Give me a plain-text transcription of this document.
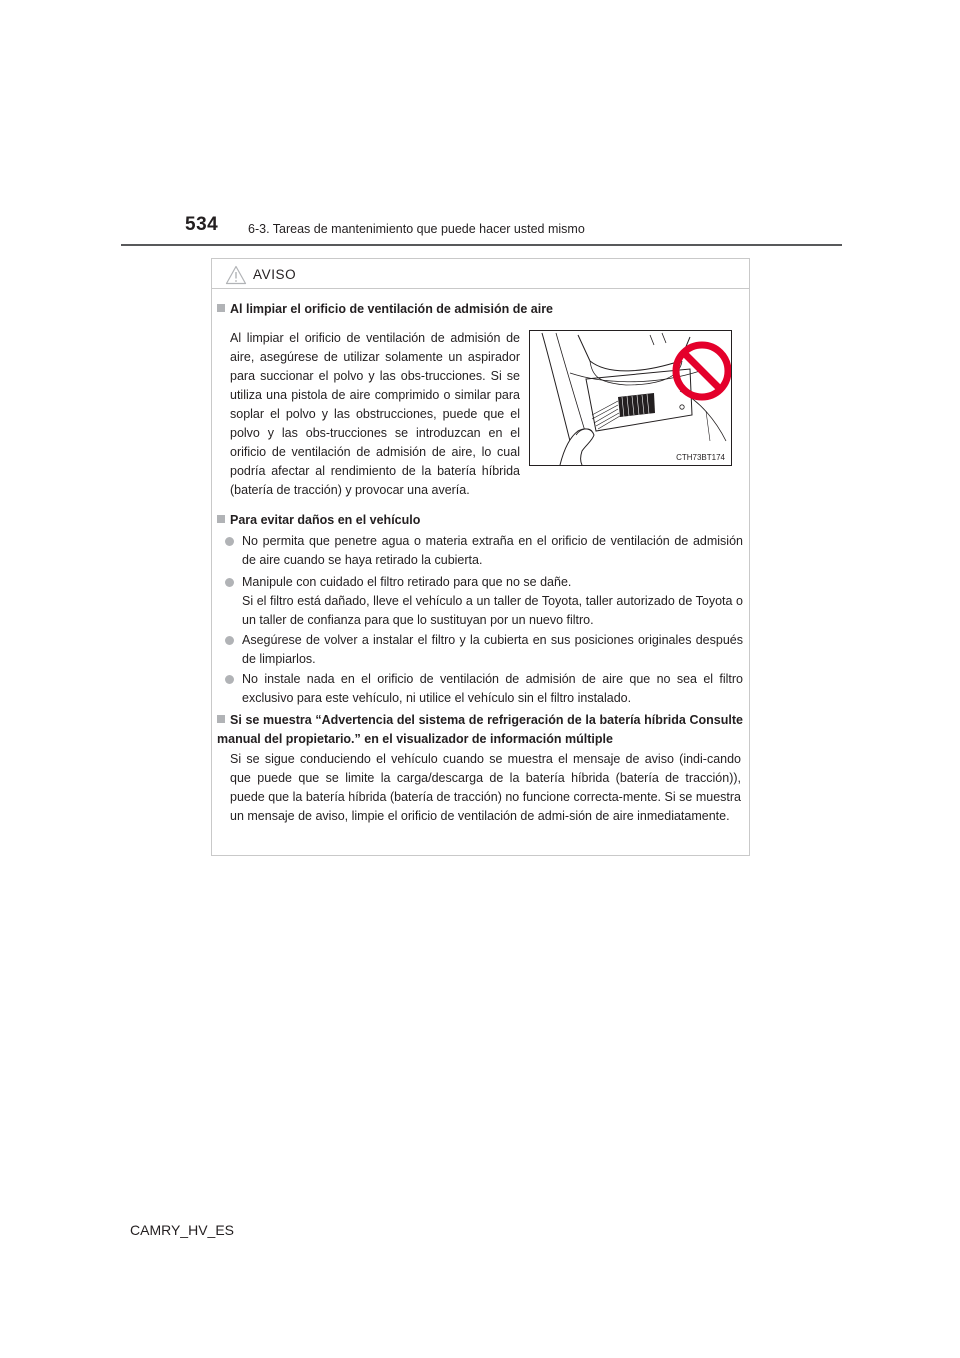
534 6-3. Tareas de mantenimiento que puede hacer usted mismo
AVISO
Al limpiar el orificio de ventilación de admisión de aire
Al limpiar el orificio de ventilación de admisión de aire, asegúrese de utilizar solamente un aspirador para succionar el polvo y las obs-trucciones. Si se utiliza una pistola de aire comprimido o similar para soplar el polvo y las obstrucciones, puede que el polvo y las obs-trucciones se introduzcan en el orificio de ventilación de admisión de aire, lo cual podría afectar al rendimiento de la batería híbrida (batería de tracción) y provocar una avería.
CTH73BT174
Para evitar daños en el vehículo
No permita que penetre agua o materia extraña en el orificio de ventilación de admisión de aire cuando se haya retirado la cubierta.
Manipule con cuidado el filtro retirado para que no se dañe.
Si el filtro está dañado, lleve el vehículo a un taller de Toyota, taller autorizado de Toyota o un taller de confianza para que lo sustituyan por un nuevo filtro.
Asegúrese de volver a instalar el filtro y la cubierta en sus posiciones originales después de limpiarlos.
No instale nada en el orificio de ventilación de admisión de aire que no sea el filtro exclusivo para este vehículo, ni utilice el vehículo sin el filtro instalado.
Si se muestra “Advertencia del sistema de refrigeración de la batería híbrida Consulte manual del propietario.” en el visualizador de información múltiple
Si se sigue conduciendo el vehículo cuando se muestra el mensaje de aviso (indi-cando que puede que se limite la carga/descarga de la batería híbrida (batería de tracción)), puede que la batería híbrida (batería de tracción) no funcione correcta-mente. Si se muestra un mensaje de aviso, limpie el orificio de ventilación de admi-sión de aire inmediatamente.
CAMRY_HV_ES
